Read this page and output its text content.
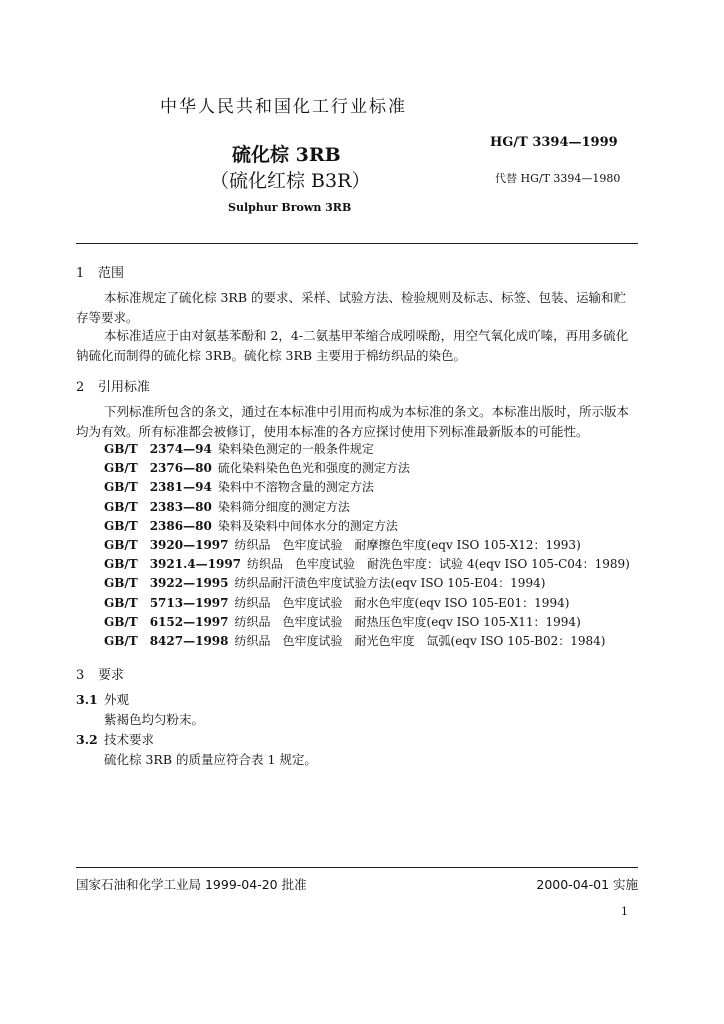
中华人民共和国化工行业标准
HG/T 3394—1999
代替 HG/T 3394—1980
硫化棕 3RB
（硫化红棕 B3R）
Sulphur Brown 3RB
1 范围
本标准规定了硫化棕 3RB 的要求、采样、试验方法、检验规则及标志、标签、包装、运输和贮存等要求。
本标准适应于由对氨基苯酚和 2，4-二氨基甲苯缩合成吲哚酚，用空气氧化成吖嗪，再用多硫化钠硫化而制得的硫化棕 3RB。硫化棕 3RB 主要用于棉纺织品的染色。
2 引用标准
下列标准所包含的条文，通过在本标准中引用而构成为本标准的条文。本标准出版时，所示版本均为有效。所有标准都会被修订，使用本标准的各方应探讨使用下列标准最新版本的可能性。
GB/T　2374—94 染料染色测定的一般条件规定
GB/T　2376—80 硫化染料染色色光和强度的测定方法
GB/T　2381—94 染料中不溶物含量的测定方法
GB/T　2383—80 染料筛分细度的测定方法
GB/T　2386—80 染料及染料中间体水分的测定方法
GB/T　3920—1997 纺织品　色牢度试验　耐摩擦色牢度(eqv ISO 105-X12：1993)
GB/T　3921.4—1997 纺织品　色牢度试验　耐洗色牢度：试验 4(eqv ISO 105-C04：1989)
GB/T　3922—1995 纺织品耐汗渍色牢度试验方法(eqv ISO 105-E04：1994)
GB/T　5713—1997 纺织品　色牢度试验　耐水色牢度(eqv ISO 105-E01：1994)
GB/T　6152—1997 纺织品　色牢度试验　耐热压色牢度(eqv ISO 105-X11：1994)
GB/T　8427—1998 纺织品　色牢度试验　耐光色牢度　氙弧(eqv ISO 105-B02：1984)
3 要求
3.1 外观
紫褐色均匀粉末。
3.2 技术要求
硫化棕 3RB 的质量应符合表 1 规定。
国家石油和化学工业局 1999-04-20 批准	2000-04-01 实施
1
